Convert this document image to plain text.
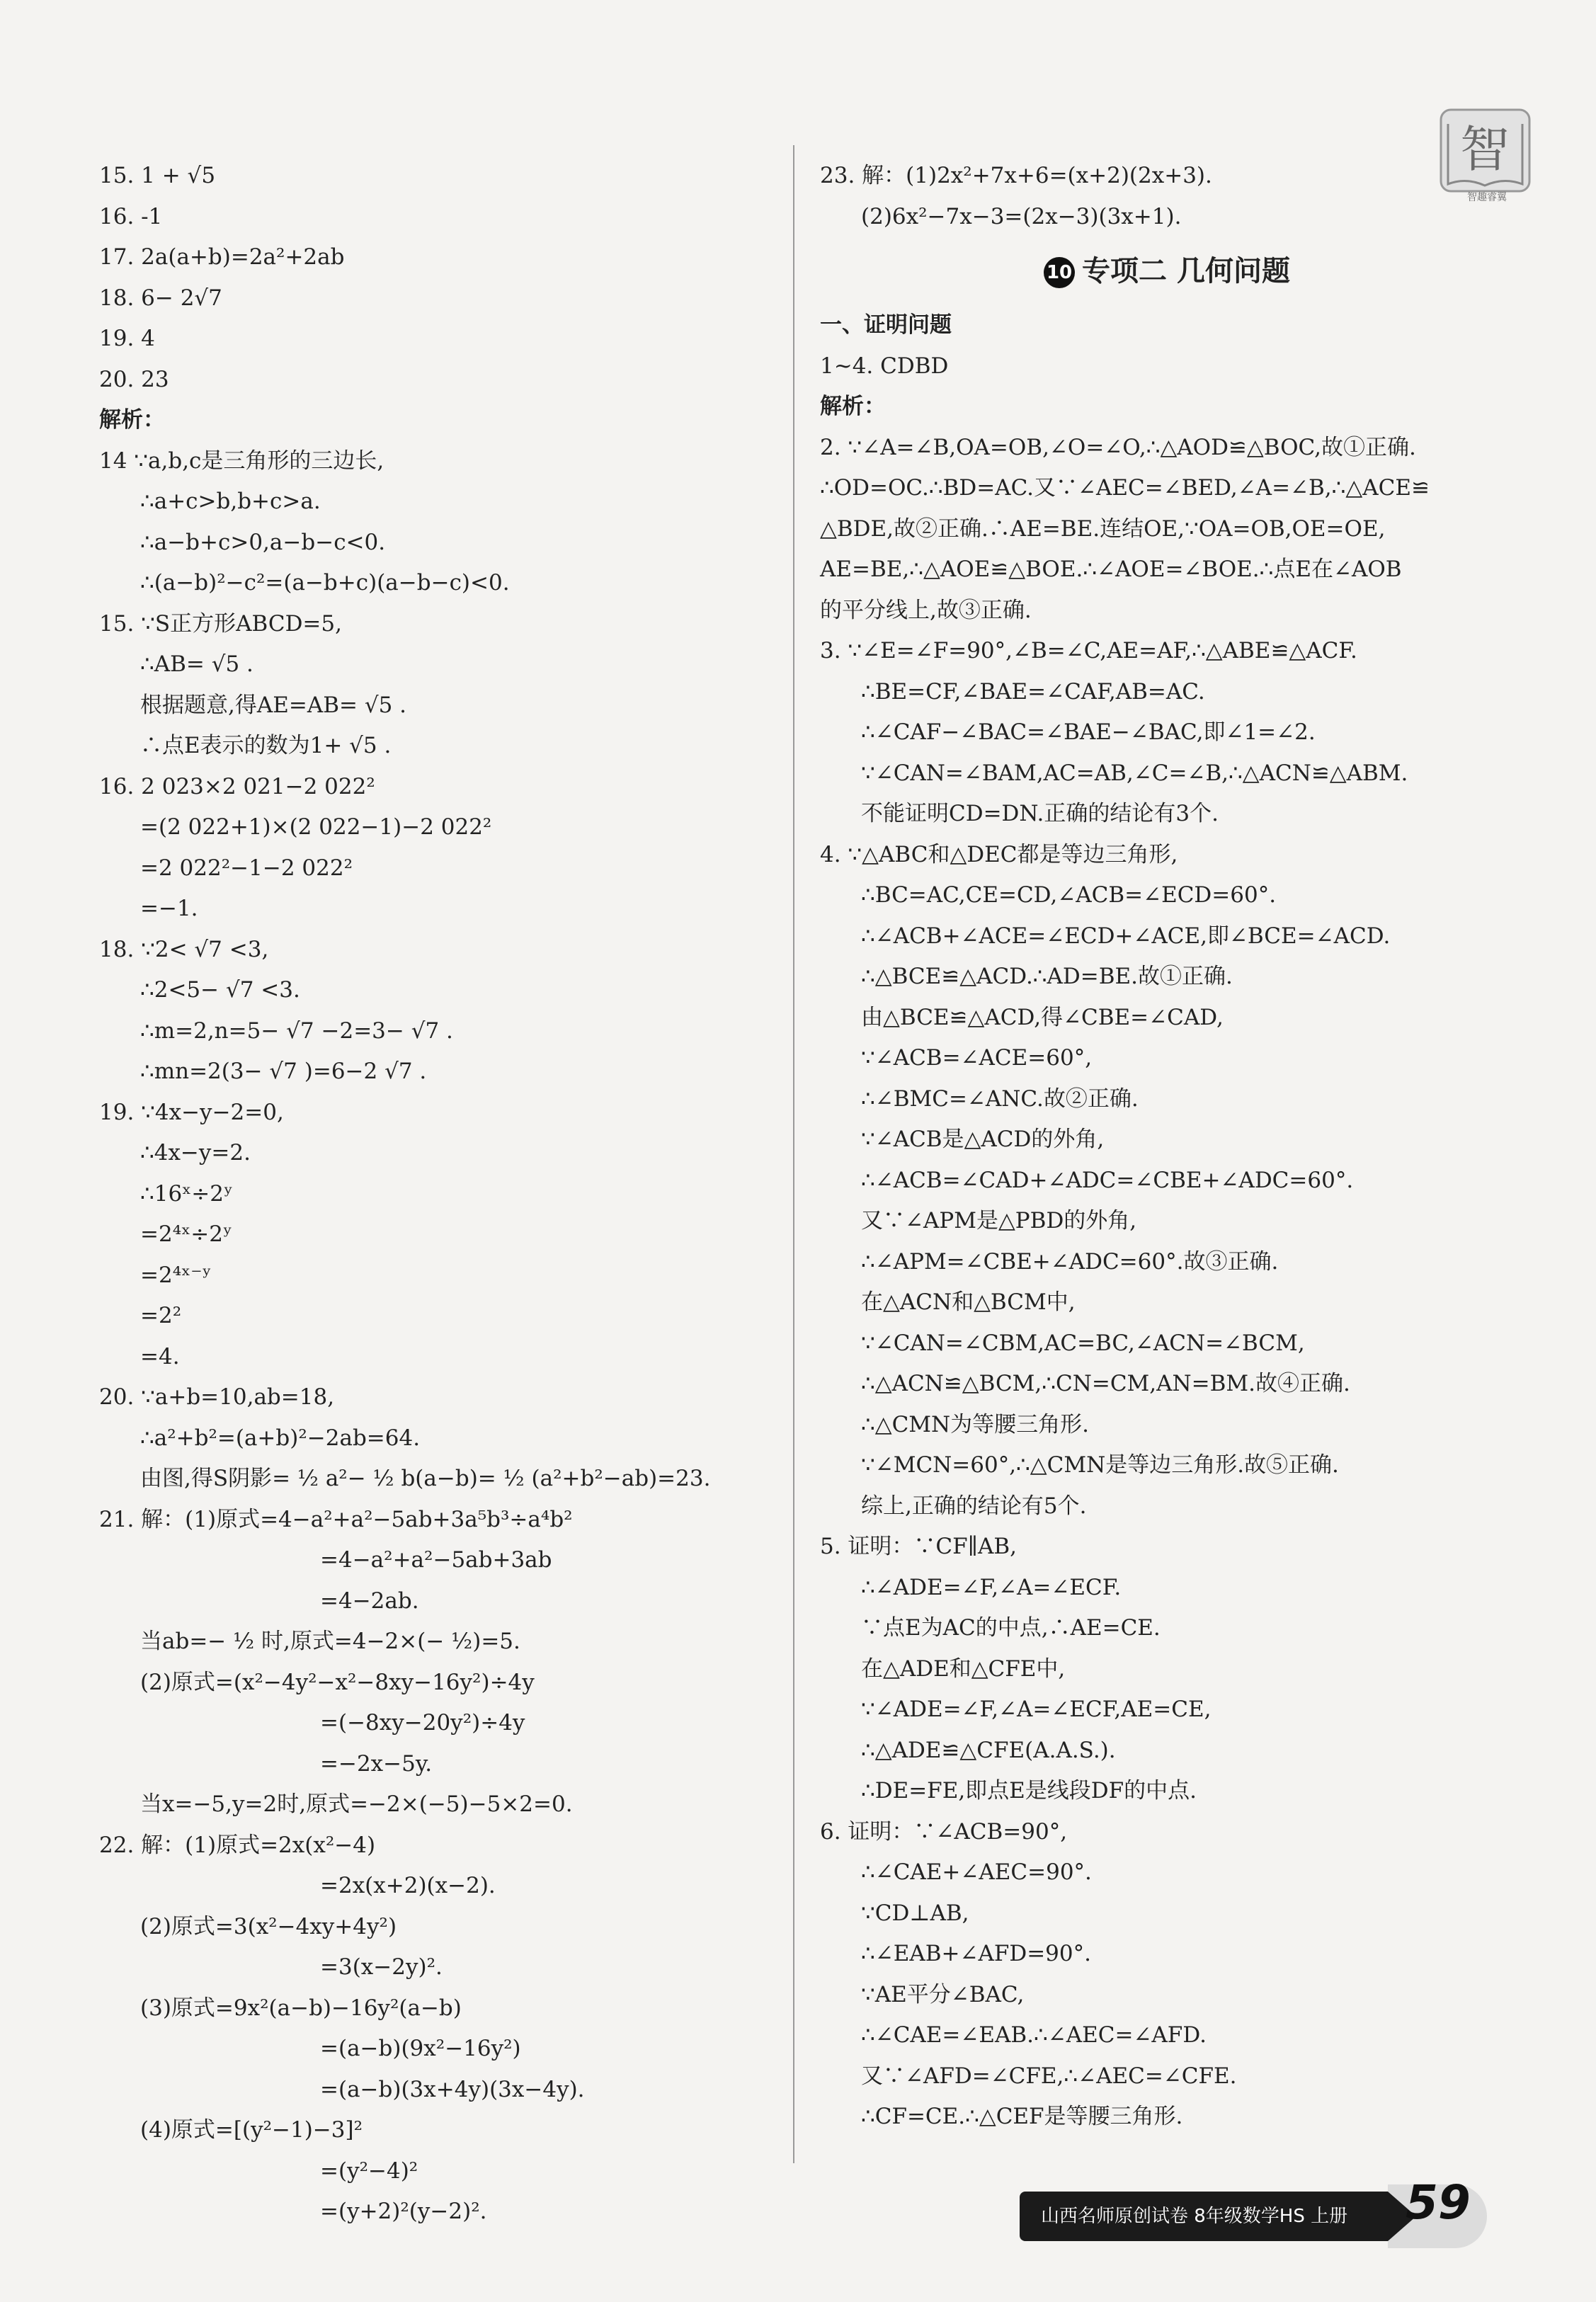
智
智趣睿翼
15. 1 + √5
16. -1
17. 2a(a+b)=2a²+2ab
18. 6− 2√7
19. 4
20. 23
解析：
14 ∵a,b,c是三角形的三边长,
∴a+c>b,b+c>a.
∴a−b+c>0,a−b−c<0.
∴(a−b)²−c²=(a−b+c)(a−b−c)<0.
15. ∵S正方形ABCD=5,
∴AB= √5 .
根据题意,得AE=AB= √5 .
∴点E表示的数为1+ √5 .
16. 2 023×2 021−2 022²
=(2 022+1)×(2 022−1)−2 022²
=2 022²−1−2 022²
=−1.
18. ∵2< √7 <3,
∴2<5− √7 <3.
∴m=2,n=5− √7 −2=3− √7 .
∴mn=2(3− √7 )=6−2 √7 .
19. ∵4x−y−2=0,
∴4x−y=2.
∴16ˣ÷2ʸ
=2⁴ˣ÷2ʸ
=2⁴ˣ⁻ʸ
=2²
=4.
20. ∵a+b=10,ab=18,
∴a²+b²=(a+b)²−2ab=64.
由图,得S阴影= ½ a²− ½ b(a−b)= ½ (a²+b²−ab)=23.
21. 解：(1)原式=4−a²+a²−5ab+3a⁵b³÷a⁴b²
=4−a²+a²−5ab+3ab
=4−2ab.
当ab=− ½ 时,原式=4−2×(− ½)=5.
(2)原式=(x²−4y²−x²−8xy−16y²)÷4y
=(−8xy−20y²)÷4y
=−2x−5y.
当x=−5,y=2时,原式=−2×(−5)−5×2=0.
22. 解：(1)原式=2x(x²−4)
=2x(x+2)(x−2).
(2)原式=3(x²−4xy+4y²)
=3(x−2y)².
(3)原式=9x²(a−b)−16y²(a−b)
=(a−b)(9x²−16y²)
=(a−b)(3x+4y)(3x−4y).
(4)原式=[(y²−1)−3]²
=(y²−4)²
=(y+2)²(y−2)².
23. 解：(1)2x²+7x+6=(x+2)(2x+3).
(2)6x²−7x−3=(2x−3)(3x+1).
10 专项二 几何问题
一、证明问题
1~4. CDBD
解析：
2. ∵∠A=∠B,OA=OB,∠O=∠O,∴△AOD≌△BOC,故①正确.
∴OD=OC.∴BD=AC.又∵∠AEC=∠BED,∠A=∠B,∴△ACE≌
△BDE,故②正确.∴AE=BE.连结OE,∵OA=OB,OE=OE,
AE=BE,∴△AOE≌△BOE.∴∠AOE=∠BOE.∴点E在∠AOB
的平分线上,故③正确.
3. ∵∠E=∠F=90°,∠B=∠C,AE=AF,∴△ABE≌△ACF.
∴BE=CF,∠BAE=∠CAF,AB=AC.
∴∠CAF−∠BAC=∠BAE−∠BAC,即∠1=∠2.
∵∠CAN=∠BAM,AC=AB,∠C=∠B,∴△ACN≌△ABM.
不能证明CD=DN.正确的结论有3个.
4. ∵△ABC和△DEC都是等边三角形,
∴BC=AC,CE=CD,∠ACB=∠ECD=60°.
∴∠ACB+∠ACE=∠ECD+∠ACE,即∠BCE=∠ACD.
∴△BCE≌△ACD.∴AD=BE.故①正确.
由△BCE≌△ACD,得∠CBE=∠CAD,
∵∠ACB=∠ACE=60°,
∴∠BMC=∠ANC.故②正确.
∵∠ACB是△ACD的外角,
∴∠ACB=∠CAD+∠ADC=∠CBE+∠ADC=60°.
又∵∠APM是△PBD的外角,
∴∠APM=∠CBE+∠ADC=60°.故③正确.
在△ACN和△BCM中,
∵∠CAN=∠CBM,AC=BC,∠ACN=∠BCM,
∴△ACN≌△BCM,∴CN=CM,AN=BM.故④正确.
∴△CMN为等腰三角形.
∵∠MCN=60°,∴△CMN是等边三角形.故⑤正确.
综上,正确的结论有5个.
5. 证明：∵CF∥AB,
∴∠ADE=∠F,∠A=∠ECF.
∵点E为AC的中点,∴AE=CE.
在△ADE和△CFE中,
∵∠ADE=∠F,∠A=∠ECF,AE=CE,
∴△ADE≌△CFE(A.A.S.).
∴DE=FE,即点E是线段DF的中点.
6. 证明：∵∠ACB=90°,
∴∠CAE+∠AEC=90°.
∵CD⊥AB,
∴∠EAB+∠AFD=90°.
∵AE平分∠BAC,
∴∠CAE=∠EAB.∴∠AEC=∠AFD.
又∵∠AFD=∠CFE,∴∠AEC=∠CFE.
∴CF=CE.∴△CEF是等腰三角形.
山西名师原创试卷 8年级数学HS 上册	59
